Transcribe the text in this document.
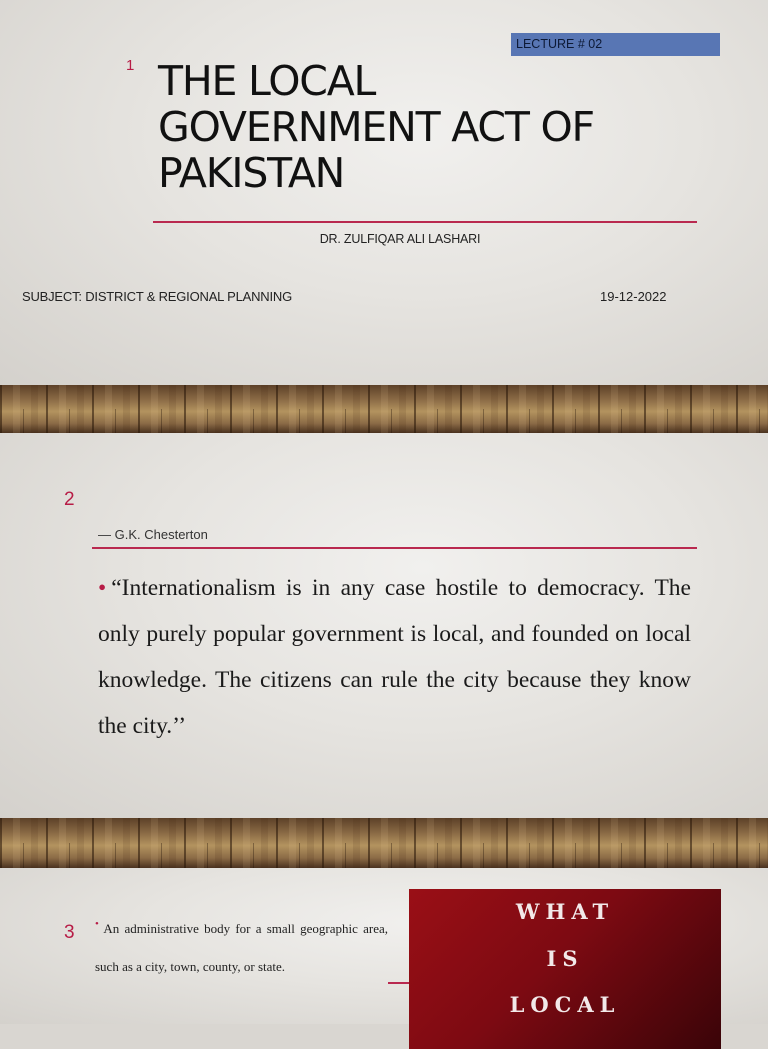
1
LECTURE # 02
THE LOCAL
GOVERNMENT ACT OF
PAKISTAN
DR. ZULFIQAR ALI LASHARI
SUBJECT: DISTRICT & REGIONAL PLANNING	19-12-2022
2
— G.K. Chesterton

• “Internationalism is in any case hostile to democracy. The only purely popular government is local, and founded on local knowledge. The citizens can rule the city because they know the city.’’

3 • An administrative body for a small geographic area, such as a city, town, county, or state.

WHAT
IS
LOCAL
